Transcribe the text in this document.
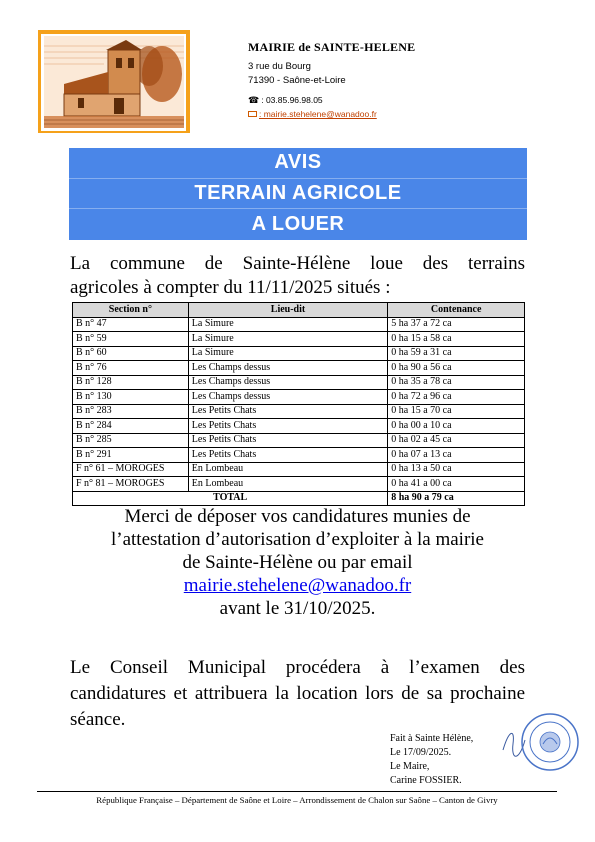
MAIRIE de SAINTE-HELENE
3 rue du Bourg
71390 - Saône-et-Loire
☎ : 03.85.96.98.05
: mairie.stehelene@wanadoo.fr
AVIS
TERRAIN AGRICOLE
A LOUER
La commune de Sainte-Hélène loue des terrains
agricoles à compter du 11/11/2025 situés :
Section n°	Lieu-dit	Contenance
B n° 47	La Simure	5 ha 37 a 72 ca
B n° 59	La Simure	0 ha 15 a 58 ca
B n° 60	La Simure	0 ha 59 a 31 ca
B n° 76	Les Champs dessus	0 ha 90 a 56 ca
B n° 128	Les Champs dessus	0 ha 35 a 78 ca
B n° 130	Les Champs dessus	0 ha 72 a 96 ca
B n° 283	Les Petits Chats	0 ha 15 a 70 ca
B n° 284	Les Petits Chats	0 ha 00 a 10 ca
B n° 285	Les Petits Chats	0 ha 02 a 45 ca
B n° 291	Les Petits Chats	0 ha 07 a 13 ca
F n° 61 – MOROGES	En Lombeau	0 ha 13 a 50 ca
F n° 81 – MOROGES	En Lombeau	0 ha 41 a 00 ca
TOTAL		8 ha 90 a 79 ca
Merci de déposer vos candidatures munies de
l’attestation d’autorisation d’exploiter à la mairie
de Sainte-Hélène ou par email
mairie.stehelene@wanadoo.fr
avant le 31/10/2025.
Le Conseil Municipal procédera à l’examen des candidatures et attribuera la location lors de sa prochaine séance.
Fait à Sainte Hélène,
Le 17/09/2025.
Le Maire,
Carine FOSSIER.
République Française – Département de Saône et Loire – Arrondissement de Chalon sur Saône – Canton de Givry
